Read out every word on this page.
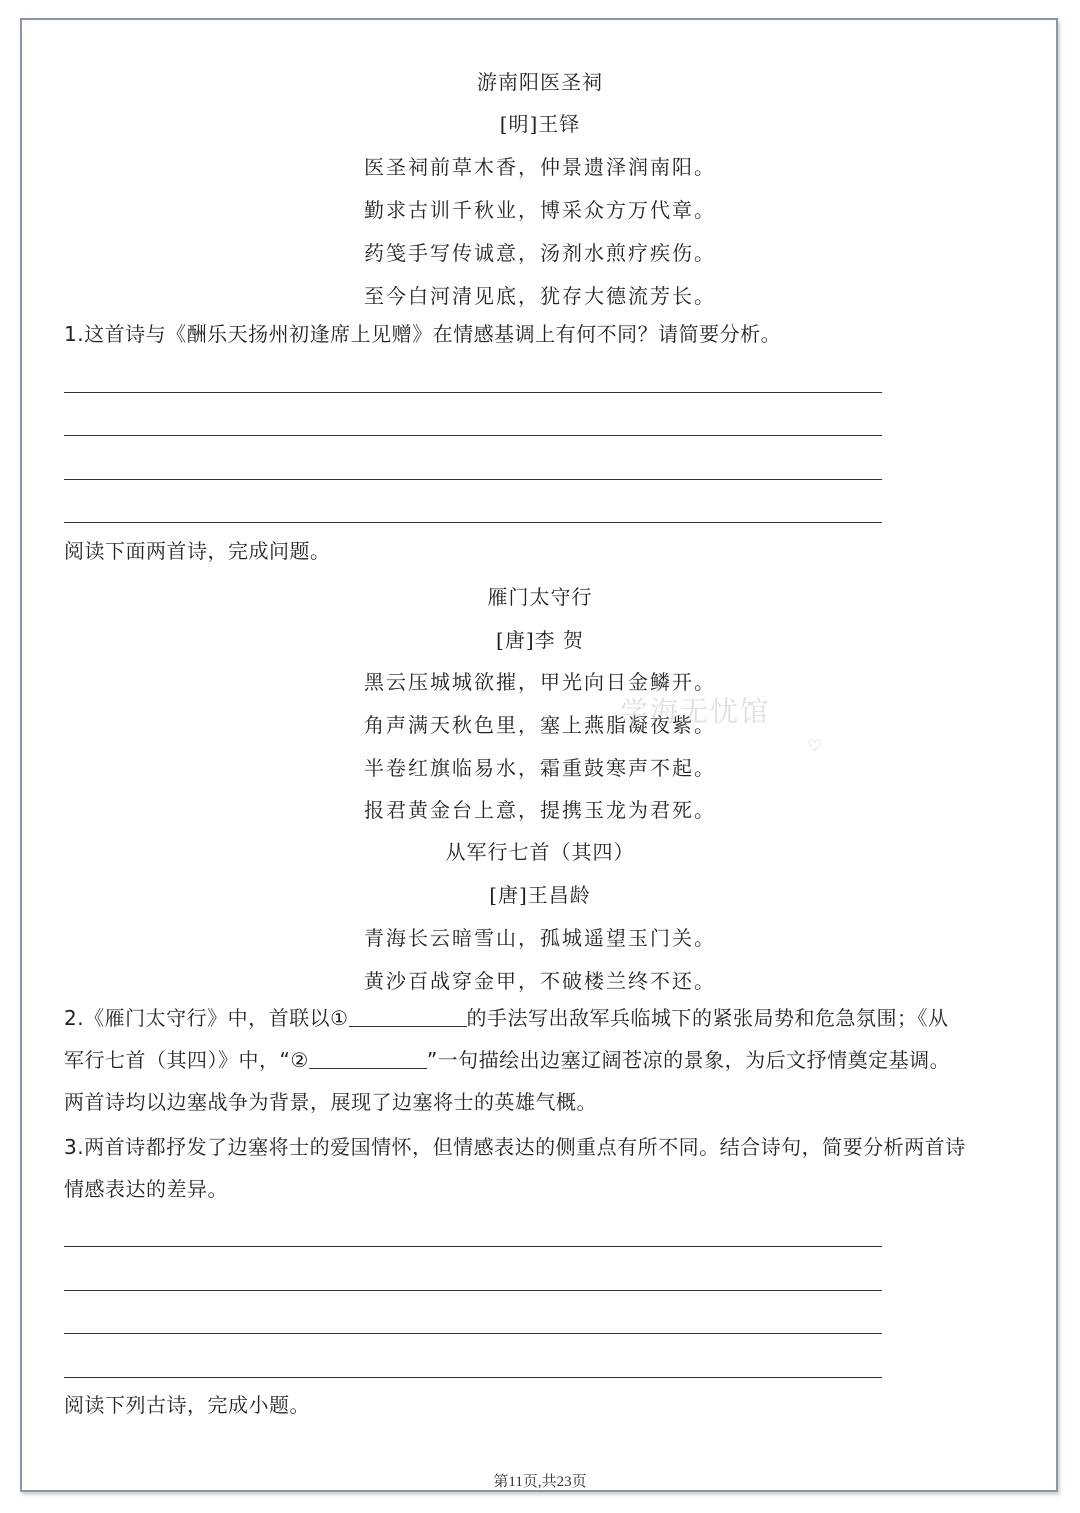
游南阳医圣祠
[明]王铎
医圣祠前草木香，仲景遗泽润南阳。
勤求古训千秋业，博采众方万代章。
药笺手写传诚意，汤剂水煎疗疾伤。
至今白河清见底，犹存大德流芳长。
1.这首诗与《酬乐天扬州初逢席上见赠》在情感基调上有何不同？请简要分析。
阅读下面两首诗，完成问题。
雁门太守行
[唐]李 贺
黑云压城城欲摧，甲光向日金鳞开。
角声满天秋色里，塞上燕脂凝夜紫。
半卷红旗临易水，霜重鼓寒声不起。
报君黄金台上意，提携玉龙为君死。
从军行七首（其四）
[唐]王昌龄
青海长云暗雪山，孤城遥望玉门关。
黄沙百战穿金甲，不破楼兰终不还。
2.《雁门太守行》中，首联以①	的手法写出敌军兵临城下的紧张局势和危急氛围；《从
军行七首（其四）》中，“②	”一句描绘出边塞辽阔苍凉的景象，为后文抒情奠定基调。
两首诗均以边塞战争为背景，展现了边塞将士的英雄气概。
3.两首诗都抒发了边塞将士的爱国情怀，但情感表达的侧重点有所不同。结合诗句，简要分析两首诗
情感表达的差异。
阅读下列古诗，完成小题。
学海无忧馆
♡
第11页,共23页
